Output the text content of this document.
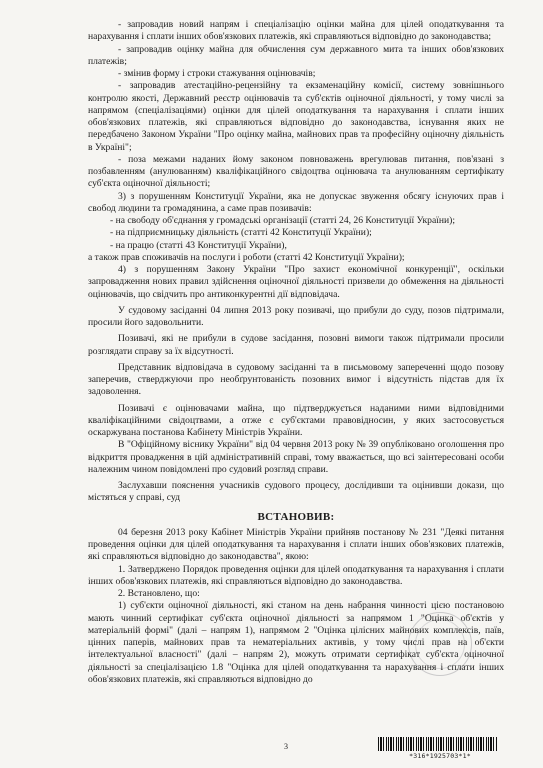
- запровадив новий напрям і спеціалізацію оцінки майна для цілей оподаткування та нарахування і сплати інших обов'язкових платежів, які справляються відповідно до законодавства;

- запровадив оцінку майна для обчислення сум державного мита та інших обов'язкових платежів;

- змінив форму і строки стажування оцінювачів;

- запровадив атестаційно-рецензійну та екзаменаційну комісії, систему зовнішнього контролю якості, Державний реєстр оцінювачів та суб'єктів оціночної діяльності, у тому числі за напрямом (спеціалізаціями) оцінки для цілей оподаткування та нарахування і сплати інших обов'язкових платежів, які справляються відповідно до законодавства, існування яких не передбачено Законом України "Про оцінку майна, майнових прав та професійну оціночну діяльність в Україні";

- поза межами наданих йому законом повноважень врегулював питання, пов'язані з позбавленням (анулюванням) кваліфікаційного свідоцтва оцінювача та анулюванням сертифікату суб'єкта оціночної діяльності;

3) з порушенням Конституції України, яка не допускає звуження обсягу існуючих прав і свобод людини та громадянина, а саме прав позивачів:

- на свободу об'єднання у громадські організації (статті 24, 26 Конституції України);

- на підприємницьку діяльність (статті 42 Конституції України);

- на працю (статті 43 Конституції України),

а також прав споживачів на послуги і роботи (статті 42 Конституції України);

4) з порушенням Закону України "Про захист економічної конкуренції", оскільки запровадження нових правил здійснення оціночної діяльності призвели до обмеження на діяльності оцінювачів, що свідчить про антиконкурентні дії відповідача.

У судовому засіданні 04 липня 2013 року позивачі, що прибули до суду, позов підтримали, просили його задовольнити.

Позивачі, які не прибули в судове засідання, позовні вимоги також підтримали просили розглядати справу за їх відсутності.

Представник відповідача в судовому засіданні та в письмовому запереченні щодо позову заперечив, стверджуючи про необґрунтованість позовних вимог і відсутність підстав для їх задоволення.

Позивачі є оцінювачами майна, що підтверджується наданими ними відповідними кваліфікаційними свідоцтвами, а отже є суб'єктами правовідносин, у яких застосовується оскаржувана постанова Кабінету Міністрів України.

В "Офіційному віснику України" від 04 червня 2013 року № 39 опубліковано оголошення про відкриття провадження в цій адміністративній справі, тому вважається, що всі заінтересовані особи належним чином повідомлені про судовий розгляд справи.

Заслухавши пояснення учасників судового процесу, дослідивши та оцінивши докази, що містяться у справі, суд

ВСТАНОВИВ:

04 березня 2013 року Кабінет Міністрів України прийняв постанову № 231 "Деякі питання проведення оцінки для цілей оподаткування та нарахування і сплати інших обов'язкових платежів, які справляються відповідно до законодавства", якою:

1. Затверджено Порядок проведення оцінки для цілей оподаткування та нарахування і сплати інших обов'язкових платежів, які справляються відповідно до законодавства.

2. Встановлено, що:

1) суб'єкти оціночної діяльності, які станом на день набрання чинності цією постановою мають чинний сертифікат суб'єкта оціночної діяльності за напрямом 1 "Оцінка об'єктів у матеріальній формі" (далі – напрям 1), напрямом 2 "Оцінка цілісних майнових комплексів, паїв, цінних паперів, майнових прав та нематеріальних активів, у тому числі прав на об'єкти інтелектуальної власності" (далі – напрям 2), можуть отримати сертифікат суб'єкта оціночної діяльності за спеціалізацією 1.8 "Оцінка для цілей оподаткування та нарахування і сплати інших обов'язкових платежів, які справляються відповідно до

3
*316*1925703*1*
